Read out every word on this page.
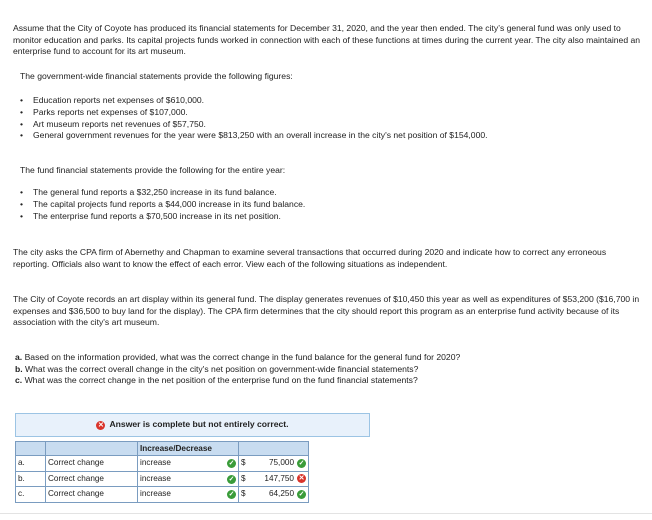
Assume that the City of Coyote has produced its financial statements for December 31, 2020, and the year then ended. The city’s general fund was only used to monitor education and parks. Its capital projects funds worked in connection with each of these functions at times during the current year. The city also maintained an enterprise fund to account for its art museum.
The government-wide financial statements provide the following figures:
• Education reports net expenses of $610,000.
• Parks reports net expenses of $107,000.
• Art museum reports net revenues of $57,750.
• General government revenues for the year were $813,250 with an overall increase in the city's net position of $154,000.
The fund financial statements provide the following for the entire year:
• The general fund reports a $32,250 increase in its fund balance.
• The capital projects fund reports a $44,000 increase in its fund balance.
• The enterprise fund reports a $70,500 increase in its net position.
The city asks the CPA firm of Abernethy and Chapman to examine several transactions that occurred during 2020 and indicate how to correct any erroneous reporting. Officials also want to know the effect of each error. View each of the following situations as independent.
The City of Coyote records an art display within its general fund. The display generates revenues of $10,450 this year as well as expenditures of $53,200 ($16,700 in expenses and $36,500 to buy land for the display). The CPA firm determines that the city should report this program as an enterprise fund activity because of its association with the city's art museum.
a. Based on the information provided, what was the correct change in the fund balance for the general fund for 2020?
b. What was the correct overall change in the city's net position on government-wide financial statements?
c. What was the correct change in the net position of the enterprise fund on the fund financial statements?
✕ Answer is complete but not entirely correct.
		Increase/Decrease			
a.	Correct change	increase	✓	$	75,000 ✓

b.	Correct change	increase	✓	$	147,750 ✕

c.	Correct change	increase	✓	$	64,250 ✓
